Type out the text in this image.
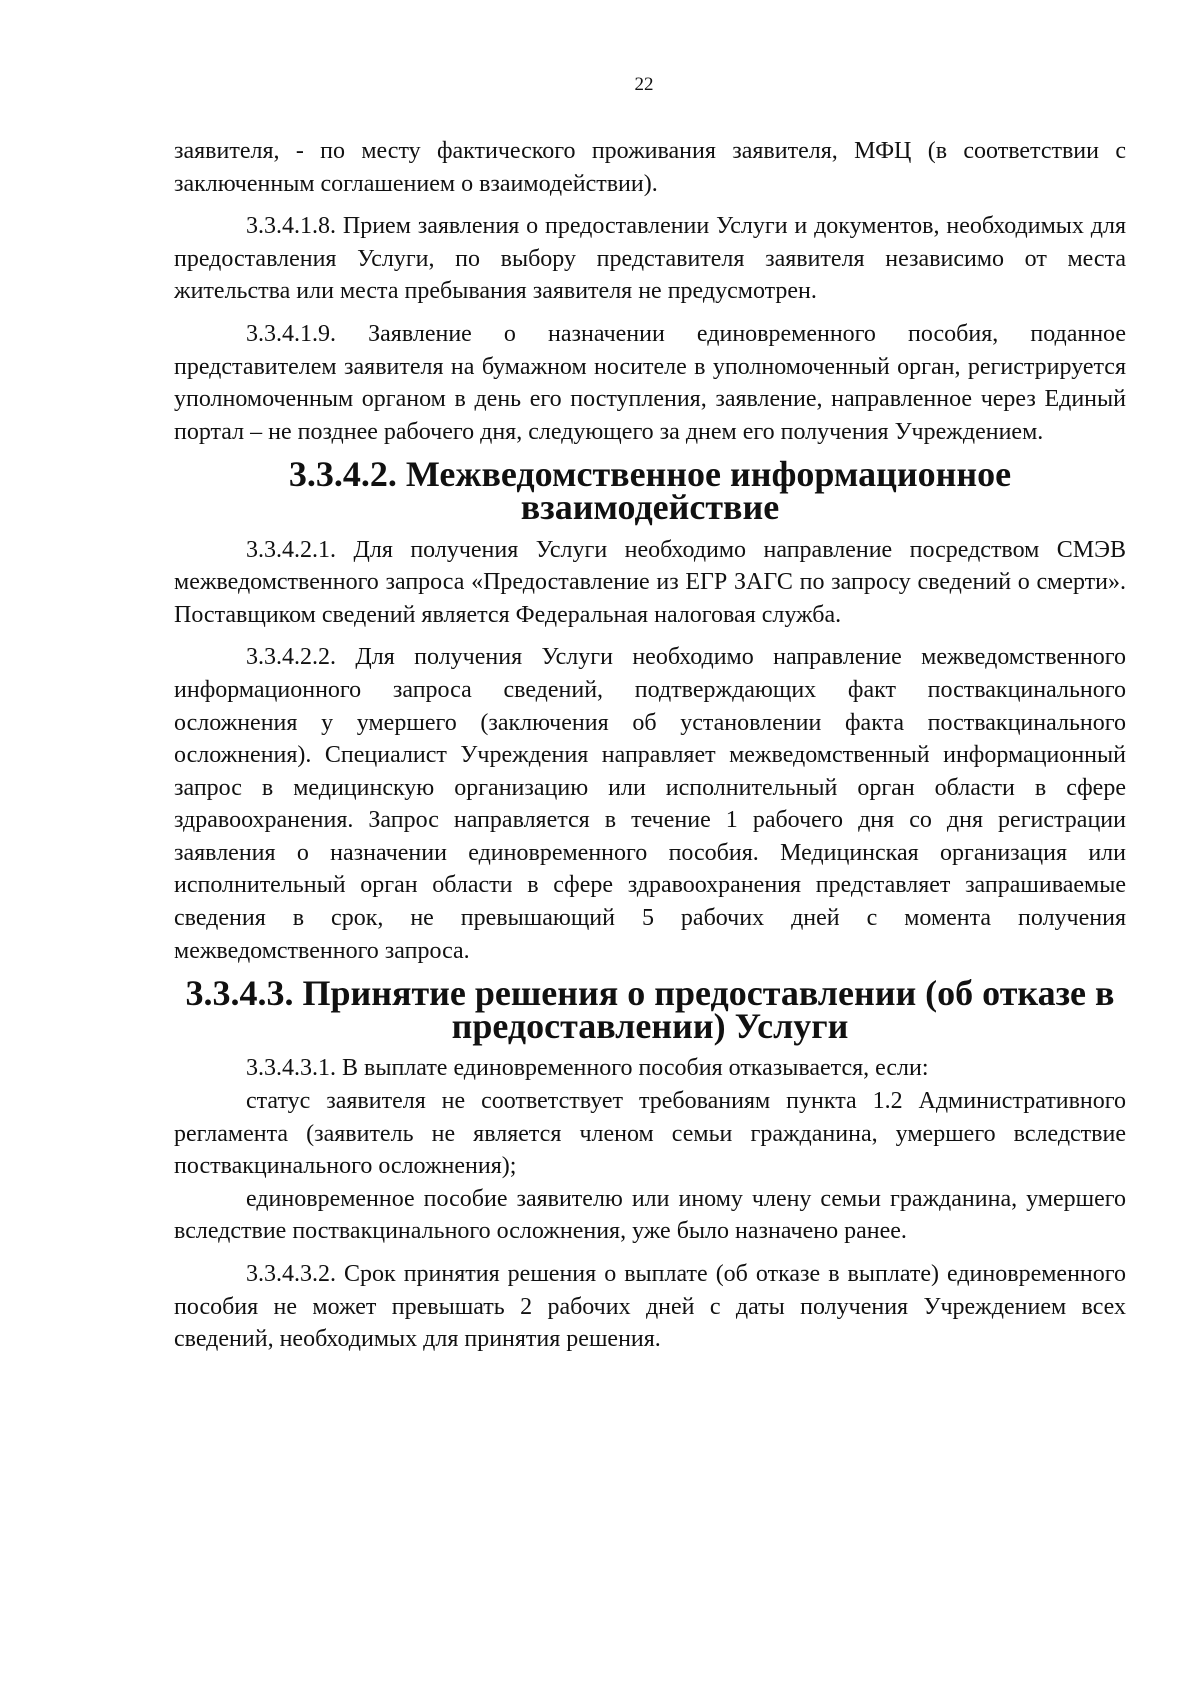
22

заявителя, - по месту фактического проживания заявителя, МФЦ (в соответствии с заключенным соглашением о взаимодействии).

3.3.4.1.8. Прием заявления о предоставлении Услуги и документов, необходимых для предоставления Услуги, по выбору представителя заявителя независимо от места жительства или места пребывания заявителя не предусмотрен.

3.3.4.1.9. Заявление о назначении единовременного пособия, поданное представителем заявителя на бумажном носителе в уполномоченный орган, регистрируется уполномоченным органом в день его поступления, заявление, направленное через Единый портал – не позднее рабочего дня, следующего за днем его получения Учреждением.

3.3.4.2. Межведомственное информационное взаимодействие

3.3.4.2.1. Для получения Услуги необходимо направление посредством СМЭВ межведомственного запроса «Предоставление из ЕГР ЗАГС по запросу сведений о смерти». Поставщиком сведений является Федеральная налоговая служба.

3.3.4.2.2. Для получения Услуги необходимо направление межведомственного информационного запроса сведений, подтверждающих факт поствакцинального осложнения у умершего (заключения об установлении факта поствакцинального осложнения). Специалист Учреждения направляет межведомственный информационный запрос в медицинскую организацию или исполнительный орган области в сфере здравоохранения. Запрос направляется в течение 1 рабочего дня со дня регистрации заявления о назначении единовременного пособия. Медицинская организация или исполнительный орган области в сфере здравоохранения представляет запрашиваемые сведения в срок, не превышающий 5 рабочих дней с момента получения межведомственного запроса.

3.3.4.3. Принятие решения о предоставлении (об отказе в
предоставлении) Услуги

3.3.4.3.1. В выплате единовременного пособия отказывается, если:

статус заявителя не соответствует требованиям пункта 1.2 Административного регламента (заявитель не является членом семьи гражданина, умершего вследствие поствакцинального осложнения);

единовременное пособие заявителю или иному члену семьи гражданина, умершего вследствие поствакцинального осложнения, уже было назначено ранее.

3.3.4.3.2. Срок принятия решения о выплате (об отказе в выплате) единовременного пособия не может превышать 2 рабочих дней с даты получения Учреждением всех сведений, необходимых для принятия решения.
